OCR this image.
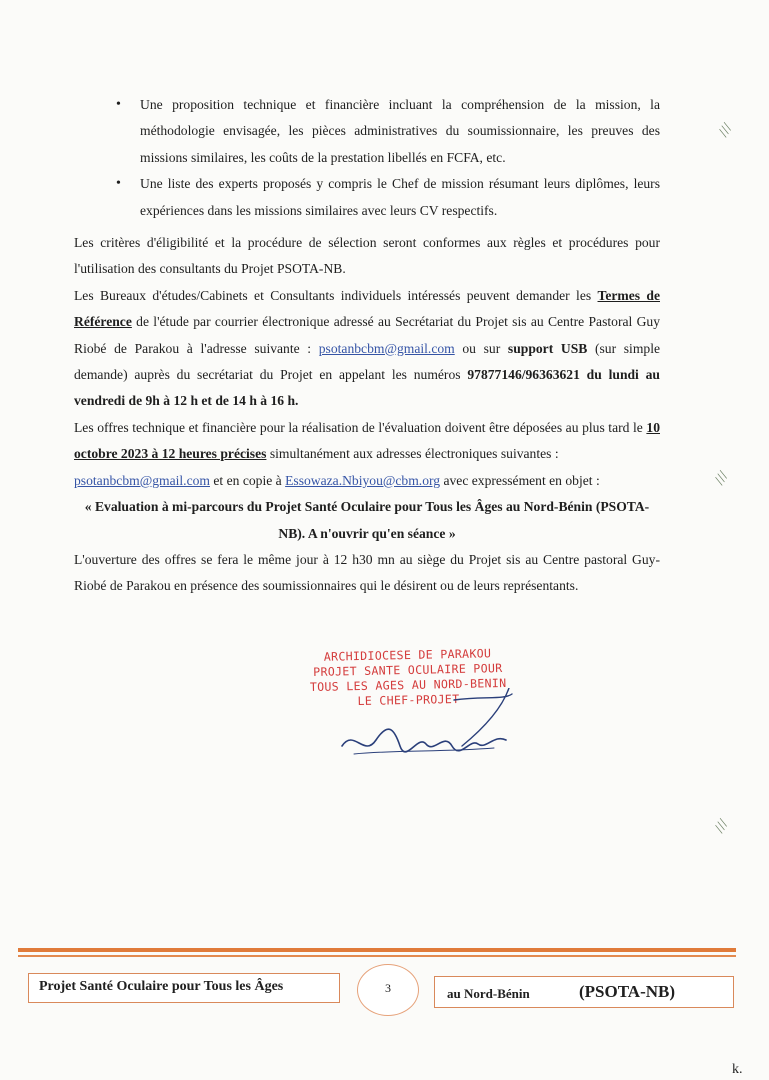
• Une proposition technique et financière incluant la compréhension de la mission, la méthodologie envisagée, les pièces administratives du soumissionnaire, les preuves des missions similaires, les coûts de la prestation libellés en FCFA, etc.
• Une liste des experts proposés y compris le Chef de mission résumant leurs diplômes, leurs expériences dans les missions similaires avec leurs CV respectifs.

Les critères d'éligibilité et la procédure de sélection seront conformes aux règles et procédures pour l'utilisation des consultants du Projet PSOTA-NB.

Les Bureaux d'études/Cabinets et Consultants individuels intéressés peuvent demander les Termes de Référence de l'étude par courrier électronique adressé au Secrétariat du Projet sis au Centre Pastoral Guy Riobé de Parakou à l'adresse suivante : psotanbcbm@gmail.com ou sur support USB (sur simple demande) auprès du secrétariat du Projet en appelant les numéros 97877146/96363621 du lundi au vendredi de 9h à 12 h et de 14 h à 16 h.

Les offres technique et financière pour la réalisation de l'évaluation doivent être déposées au plus tard le 10 octobre 2023 à 12 heures précises simultanément aux adresses électroniques suivantes :

psotanbcbm@gmail.com et en copie à Essowaza.Nbiyou@cbm.org avec expressément en objet :

« Evaluation à mi-parcours du Projet Santé Oculaire pour Tous les Âges au Nord-Bénin (PSOTA-NB). A n'ouvrir qu'en séance »

L'ouverture des offres se fera le même jour à 12 h30 mn au siège du Projet sis au Centre pastoral Guy-Riobé de Parakou en présence des soumissionnaires qui le désirent ou de leurs représentants.

ARCHIDIOCESE DE PARAKOU
PROJET SANTE OCULAIRE POUR
TOUS LES AGES AU NORD-BENIN
LE CHEF-PROJET
///
///
///
Projet Santé Oculaire pour Tous les Âges	3	au Nord-Bénin	(PSOTA-NB)
k.
